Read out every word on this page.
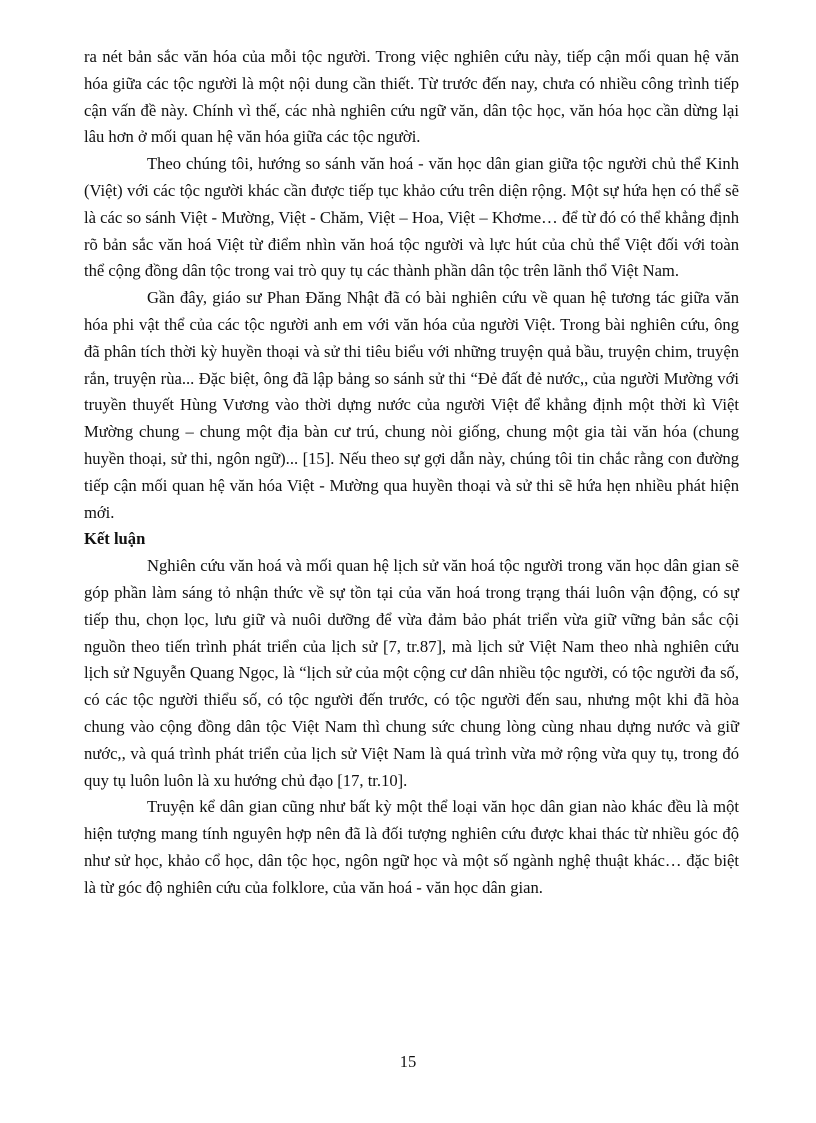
ra nét bản sắc văn hóa của mỗi tộc người. Trong việc nghiên cứu này, tiếp cận mối quan hệ văn hóa giữa các tộc người là một nội dung cần thiết. Từ trước đến nay, chưa có nhiều công trình tiếp cận vấn đề này. Chính vì thế, các nhà nghiên cứu ngữ văn, dân tộc học, văn hóa học cần dừng lại lâu hơn ở mối quan hệ văn hóa giữa các tộc người.

Theo chúng tôi, hướng so sánh văn hoá - văn học dân gian giữa tộc người chủ thể Kinh (Việt) với các tộc người khác cần được tiếp tục khảo cứu trên diện rộng. Một sự hứa hẹn có thể sẽ là các so sánh Việt - Mường, Việt - Chăm, Việt – Hoa, Việt – Khơme… để từ đó có thể khẳng định rõ bản sắc văn hoá Việt từ điểm nhìn văn hoá tộc người và lực hút của chủ thể Việt đối với toàn thể cộng đồng dân tộc trong vai trò quy tụ các thành phần dân tộc trên lãnh thổ Việt Nam.

Gần đây, giáo sư Phan Đăng Nhật đã có bài nghiên cứu về quan hệ tương tác giữa văn hóa phi vật thể của các tộc người anh em với văn hóa của người Việt. Trong bài nghiên cứu, ông đã phân tích thời kỳ huyền thoại và sử thi tiêu biểu với những truyện quả bầu, truyện chim, truyện rắn, truyện rùa... Đặc biệt, ông đã lập bảng so sánh sử thi “Đẻ đất đẻ nước,, của người Mường với truyền thuyết Hùng Vương vào thời dựng nước của người Việt để khẳng định một thời kì Việt Mường chung – chung một địa bàn cư trú, chung nòi giống, chung một gia tài văn hóa (chung huyền thoại, sử thi, ngôn ngữ)... [15]. Nếu theo sự gợi dẫn này, chúng tôi tin chắc rằng con đường tiếp cận mối quan hệ văn hóa Việt - Mường qua huyền thoại và sử thi sẽ hứa hẹn nhiều phát hiện mới.

Kết luận

Nghiên cứu văn hoá và mối quan hệ lịch sử văn hoá tộc người trong văn học dân gian sẽ góp phần làm sáng tỏ nhận thức về sự tồn tại của văn hoá trong trạng thái luôn vận động, có sự tiếp thu, chọn lọc, lưu giữ và nuôi dưỡng để vừa đảm bảo phát triển vừa giữ vững bản sắc cội nguồn theo tiến trình phát triển của lịch sử [7, tr.87], mà lịch sử Việt Nam theo nhà nghiên cứu lịch sử Nguyễn Quang Ngọc, là “lịch sử của một cộng cư dân nhiều tộc người, có tộc người đa số, có các tộc người thiểu số, có tộc người đến trước, có tộc người đến sau, nhưng một khi đã hòa chung vào cộng đồng dân tộc Việt Nam thì chung sức chung lòng cùng nhau dựng nước và giữ nước,, và quá trình phát triển của lịch sử Việt Nam là quá trình vừa mở rộng vừa quy tụ, trong đó quy tụ luôn luôn là xu hướng chủ đạo [17, tr.10].

Truyện kể dân gian cũng như bất kỳ một thể loại văn học dân gian nào khác đều là một hiện tượng mang tính nguyên hợp nên đã là đối tượng nghiên cứu được khai thác từ nhiều góc độ như sử học, khảo cổ học, dân tộc học, ngôn ngữ học và một số ngành nghệ thuật khác… đặc biệt là từ góc độ nghiên cứu của folklore, của văn hoá - văn học dân gian.

15
